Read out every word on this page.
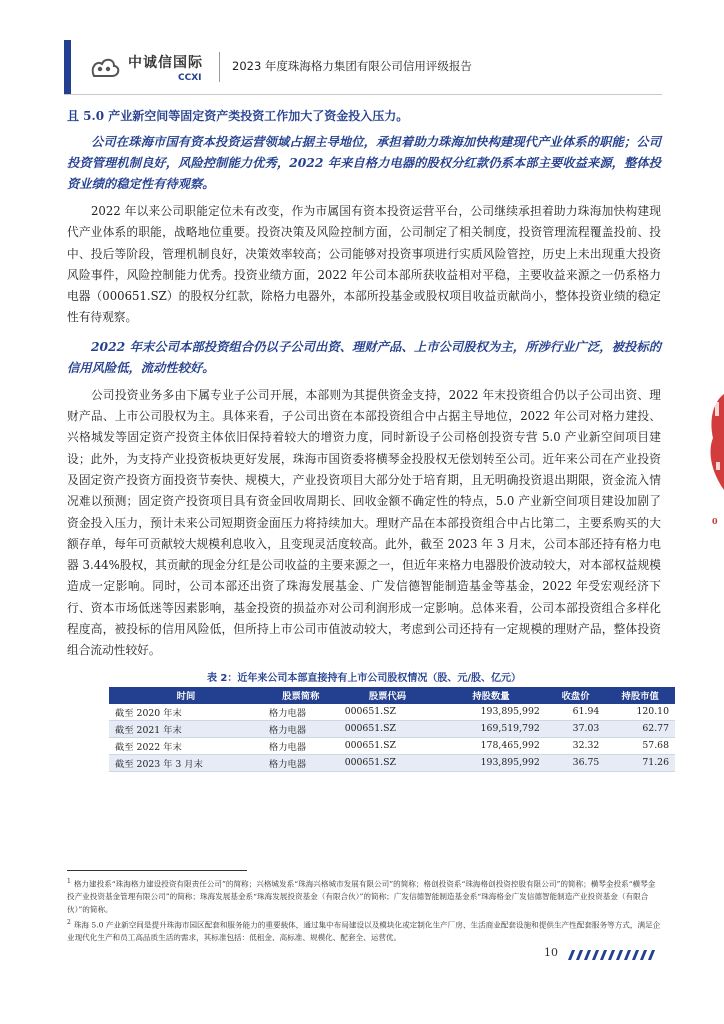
中诚信国际
CCXI
2023 年度珠海格力集团有限公司信用评级报告

且 5.0 产业新空间等固定资产类投资工作加大了资金投入压力。

公司在珠海市国有资本投资运营领域占据主导地位，承担着助力珠海加快构建现代产业体系的职能；公司投资管理机制良好，风险控制能力优秀，2022 年来自格力电器的股权分红款仍系本部主要收益来源，整体投资业绩的稳定性有待观察。

2022 年以来公司职能定位未有改变，作为市属国有资本投资运营平台，公司继续承担着助力珠海加快构建现代产业体系的职能，战略地位重要。投资决策及风险控制方面，公司制定了相关制度，投资管理流程覆盖投前、投中、投后等阶段，管理机制良好，决策效率较高；公司能够对投资事项进行实质风险管控，历史上未出现重大投资风险事件，风险控制能力优秀。投资业绩方面，2022 年公司本部所获收益相对平稳，主要收益来源之一仍系格力电器（000651.SZ）的股权分红款，除格力电器外，本部所投基金或股权项目收益贡献尚小，整体投资业绩的稳定性有待观察。

2022 年末公司本部投资组合仍以子公司出资、理财产品、上市公司股权为主，所涉行业广泛，被投标的信用风险低，流动性较好。

公司投资业务多由下属专业子公司开展，本部则为其提供资金支持，2022 年末投资组合仍以子公司出资、理财产品、上市公司股权为主。具体来看，子公司出资在本部投资组合中占据主导地位，2022 年公司对格力建投、兴格城发等固定资产投资主体依旧保持着较大的增资力度，同时新设子公司格创投资专营 5.0 产业新空间项目建设；此外，为支持产业投资板块更好发展，珠海市国资委将横琴金投股权无偿划转至公司。近年来公司在产业投资及固定资产投资方面投资节奏快、规模大，产业投资项目大部分处于培育期，且无明确投资退出期限，资金流入情况难以预测；固定资产投资项目具有资金回收周期长、回收金额不确定性的特点，5.0 产业新空间项目建设加剧了资金投入压力，预计未来公司短期资金面压力将持续加大。理财产品在本部投资组合中占比第二，主要系购买的大额存单，每年可贡献较大规模利息收入，且变现灵活度较高。此外，截至 2023 年 3 月末，公司本部还持有格力电器 3.44%股权，其贡献的现金分红是公司收益的主要来源之一，但近年来格力电器股价波动较大，对本部权益规模造成一定影响。同时，公司本部还出资了珠海发展基金、广发信德智能制造基金等基金，2022 年受宏观经济下行、资本市场低迷等因素影响，基金投资的损益亦对公司利润形成一定影响。总体来看，公司本部投资组合多样化程度高，被投标的信用风险低，但所持上市公司市值波动较大，考虑到公司还持有一定规模的理财产品，整体投资组合流动性较好。

表 2：近年来公司本部直接持有上市公司股权情况（股、元/股、亿元）
时间	股票简称	股票代码	持股数量	收盘价	持股市值
截至 2020 年末	格力电器	000651.SZ	193,895,992	61.94	120.10
截至 2021 年末	格力电器	000651.SZ	169,519,792	37.03	62.77
截至 2022 年末	格力电器	000651.SZ	178,465,992	32.32	57.68
截至 2023 年 3 月末	格力电器	000651.SZ	193,895,992	36.75	71.26

$^1$ 格力建投系“珠海格力建设投资有限责任公司”的简称；兴格城发系“珠海兴格城市发展有限公司”的简称；格创投资系“珠海格创投资控股有限公司”的简称；横琴金投系“横琴金投产业投资基金管理有限公司”的简称；珠海发展基金系“珠海发展投资基金（有限合伙）”的简称；广发信德智能制造基金系“珠海格金广发信德智能制造产业投资基金（有限合伙）”的简称。

$^2$ 珠海 5.0 产业新空间是提升珠海市园区配套和服务能力的重要载体，通过集中布局建设以及模块化或定制化生产厂房、生活商业配套设施和提供生产性配套服务等方式，满足企业现代化生产和员工高品质生活的需求，其标准包括：低租金、高标准、规模化、配套全、运营优。

10
0
